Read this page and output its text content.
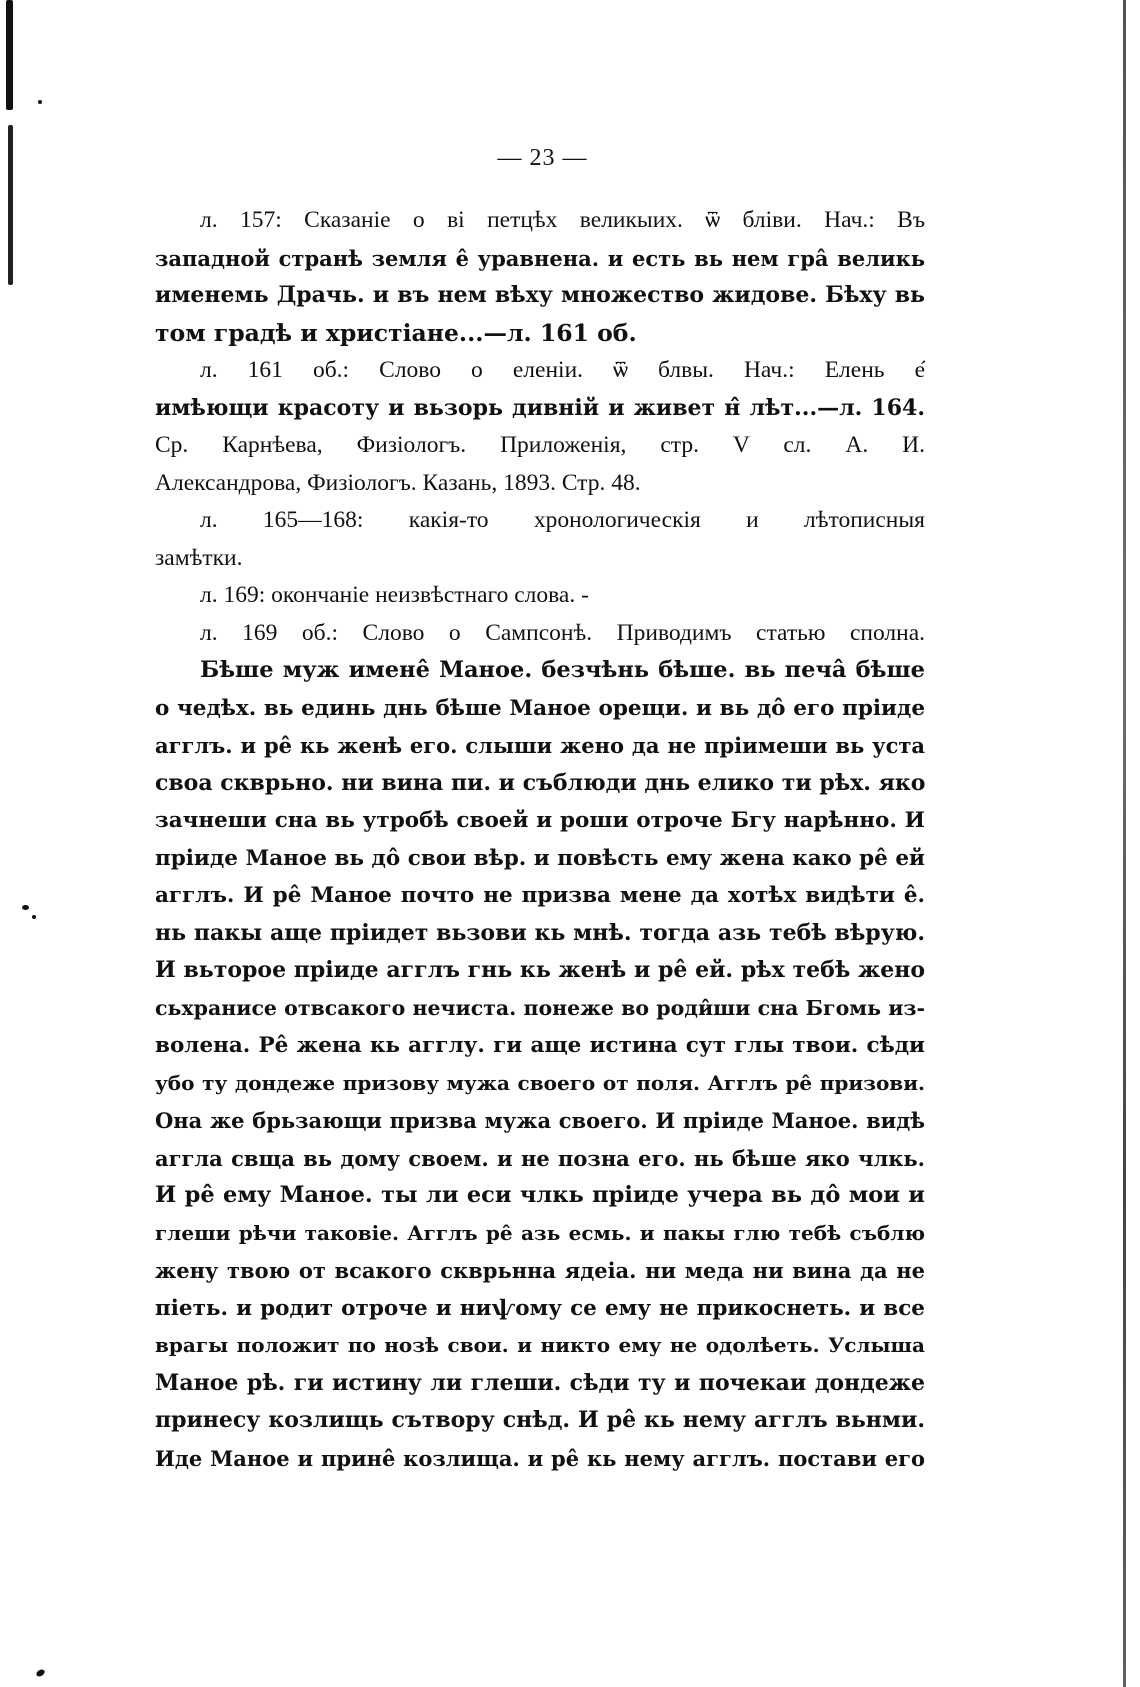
— 23 —
л. 157: Сказаніе о ві петцѣх великыих. ѿ бліви. Нач.: Въ
западной странѣ земля е̂ уравнена. и есть вь нем гра̂ великь
именемь Драчь. и въ нем вѣху множество жидове. Бѣху вь
том градѣ и христіане...—л. 161 об.
л. 161 об.: Слово о еленіи. ѿ блвы. Нач.: Елень е̂
имѣющи красоту и вьзорь дивній и живет н̂ лѣт...—л. 164.
Ср. Карнѣева, Физіологъ. Приложенія, стр. V сл. А. И.
Александрова, Физіологъ. Казань, 1893. Стр. 48.
л. 165—168: какія-то хронологическія и лѣтописныя
замѣтки.
л. 169: окончаніе неизвѣстнаго слова. -
л. 169 об.: Слово о Сампсонѣ. Приводимъ статью сполна.
Бѣше муж имене̂ Маное. безчѣнь бѣше. вь печа̂ бѣше
о чедѣх. вь единь днь бѣше Маное орещи. и вь до̂ его пріиде
агглъ. и ре̂ кь женѣ его. слыши жено да не пріимеши вь уста
своа скврьно. ни вина пи. и съблюди днь елико ти рѣх. яко
зачнеши сна вь утробѣ своей и роши отроче Бгу нарѣнно. И
пріиде Маное вь до̂ свои вѣр. и повѣсть ему жена како ре̂ ей
агглъ. И ре̂ Маное почто не призва мене да хотѣх видѣти е̂.
нь пакы аще пріидет вьзови кь мнѣ. тогда азь тебѣ вѣрую.
И вьторое пріиде агглъ гнь кь женѣ и ре̂ ей. рѣх тебѣ жено
сьхранисе отвсакого нечиста. понеже во роди̂ши сна Бгомь из-
волена. Ре̂ жена кь агглу. ги аще истина сут глы твои. сѣди
убо ту дондеже призову мужа своего от поля. Агглъ ре̂ призови.
Она же брьзающи призва мужа своего. И пріиде Маное. видѣ
агглa свща вь дому своем. и не позна его. нь бѣше яко члкь.
И ре̂ ему Маное. ты ли еси члкь пріиде учера вь до̂ мои и
глеши рѣчи таковіе. Агглъ ре̂ азь есмь. и пакы глю тебѣ съблю
жену твою от всакого скврьнна ядеіа. ни меда ни вина да не
піеть. и родит отроче и ниѱому се ему не прикоснеть. и все
врагы положит по нозѣ свои. и никто ему не одолѣеть. Услыша
Маное рѣ. ги истину ли глеши. сѣди ту и почекаи дондеже
принесу козлищь сътвору снѣд. И ре̂ кь нему агглъ вьнми.
Иде Маное и прине̂ козлища. и ре̂ кь нему агглъ. постави его
